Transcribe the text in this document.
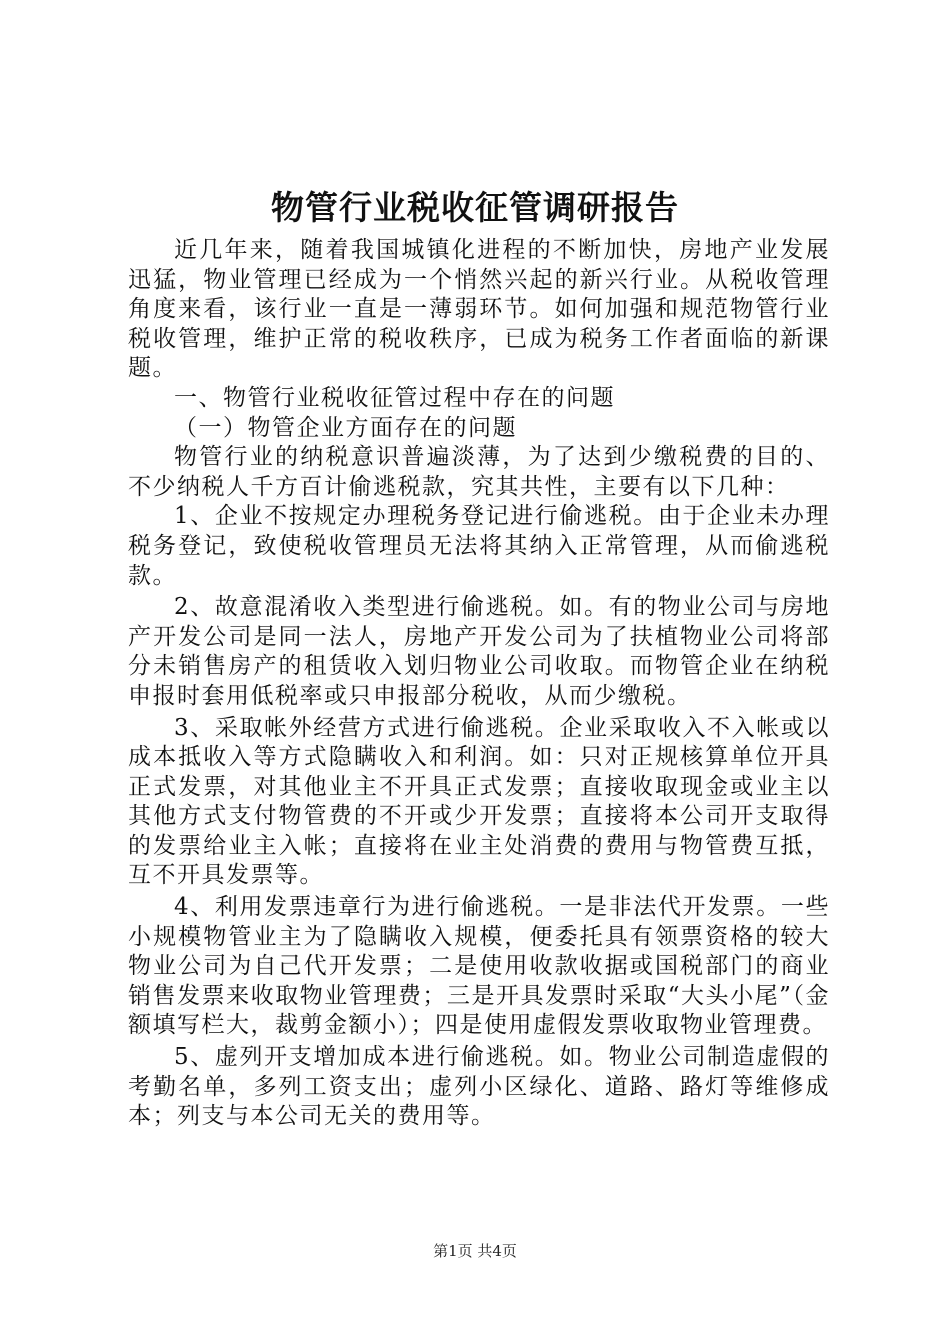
物管行业税收征管调研报告

近几年来，随着我国城镇化进程的不断加快，房地产业发展迅猛，物业管理已经成为一个悄然兴起的新兴行业。从税收管理角度来看，该行业一直是一薄弱环节。如何加强和规范物管行业税收管理，维护正常的税收秩序，已成为税务工作者面临的新课题。

一、物管行业税收征管过程中存在的问题

（一）物管企业方面存在的问题

物管行业的纳税意识普遍淡薄，为了达到少缴税费的目的、不少纳税人千方百计偷逃税款，究其共性，主要有以下几种：

1、企业不按规定办理税务登记进行偷逃税。由于企业未办理税务登记，致使税收管理员无法将其纳入正常管理，从而偷逃税款。

2、故意混淆收入类型进行偷逃税。如。有的物业公司与房地产开发公司是同一法人，房地产开发公司为了扶植物业公司将部分未销售房产的租赁收入划归物业公司收取。而物管企业在纳税申报时套用低税率或只申报部分税收，从而少缴税。

3、采取帐外经营方式进行偷逃税。企业采取收入不入帐或以成本抵收入等方式隐瞒收入和利润。如：只对正规核算单位开具正式发票，对其他业主不开具正式发票；直接收取现金或业主以其他方式支付物管费的不开或少开发票；直接将本公司开支取得的发票给业主入帐；直接将在业主处消费的费用与物管费互抵，互不开具发票等。

4、利用发票违章行为进行偷逃税。一是非法代开发票。一些小规模物管业主为了隐瞒收入规模，便委托具有领票资格的较大物业公司为自己代开发票；二是使用收款收据或国税部门的商业销售发票来收取物业管理费；三是开具发票时采取“大头小尾”（金额填写栏大，裁剪金额小）；四是使用虚假发票收取物业管理费。

5、虚列开支增加成本进行偷逃税。如。物业公司制造虚假的考勤名单，多列工资支出；虚列小区绿化、道路、路灯等维修成本；列支与本公司无关的费用等。

第1页 共4页
